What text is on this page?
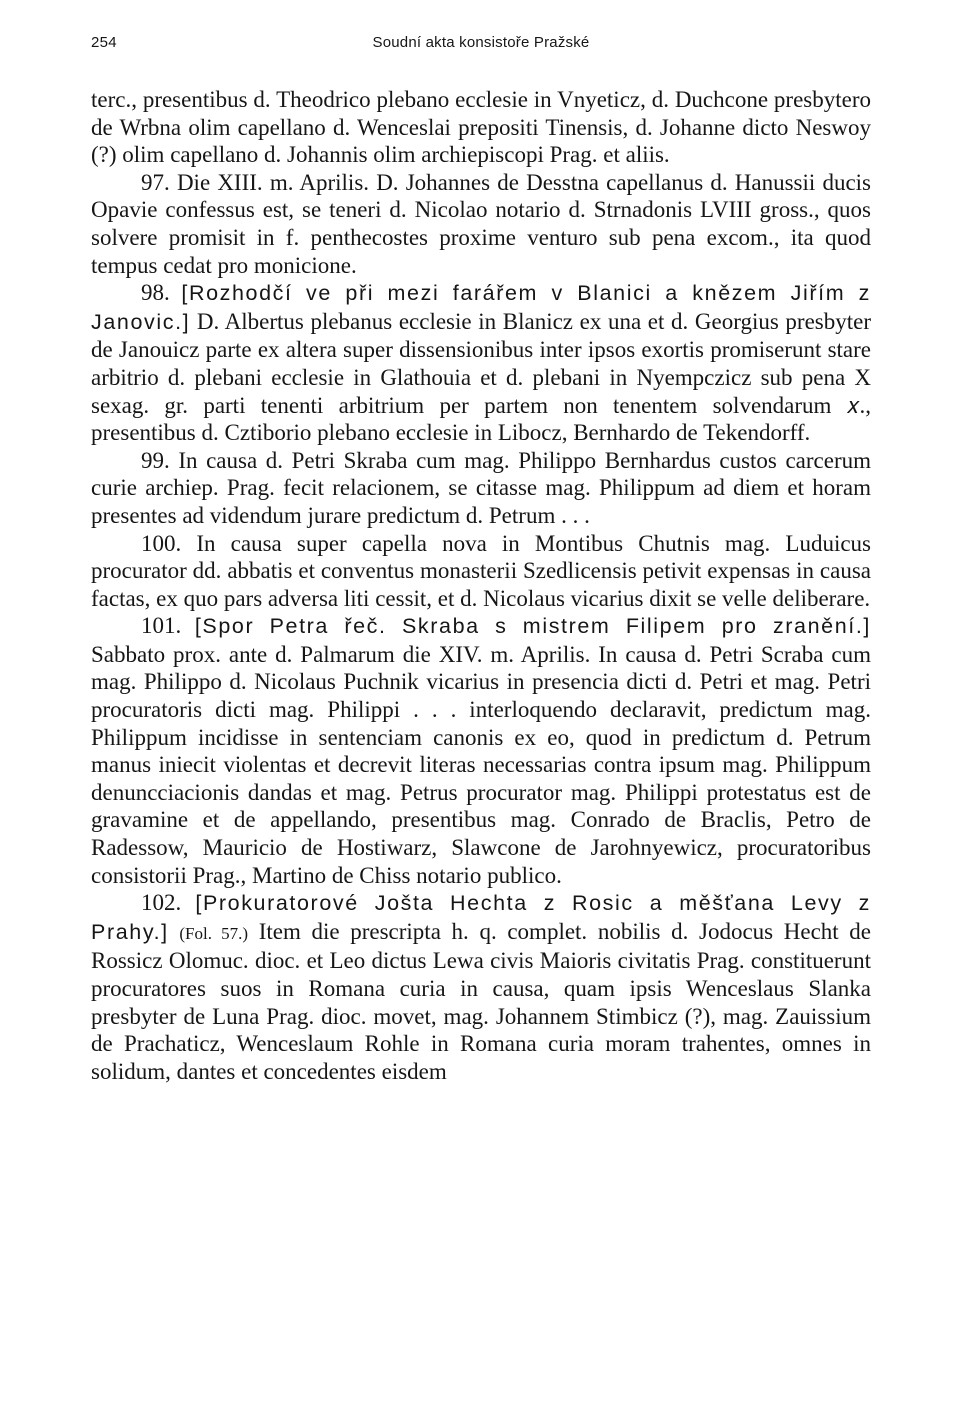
254	Soudní akta konsistoře Pražské

terc., presentibus d. Theodrico plebano ecclesie in Vnyeticz, d. Duchcone presbytero de Wrbna olim capellano d. Wenceslai prepositi Tinensis, d. Johanne dicto Neswoy (?) olim capellano d. Johannis olim archiepiscopi Prag. et aliis.

97. Die XIII. m. Aprilis. D. Johannes de Desstna capellanus d. Hanussii ducis Opavie confessus est, se teneri d. Nicolao notario d. Strnadonis LVIII gross., quos solvere promisit in f. penthecostes proxime venturo sub pena excom., ita quod tempus cedat pro monicione.

98. [Rozhodčí ve při mezi farářem v Blanici a knězem Jiřím z Janovic.] D. Albertus plebanus ecclesie in Blanicz ex una et d. Georgius presbyter de Janouicz parte ex altera super dissensionibus inter ipsos exortis promiserunt stare arbitrio d. plebani ecclesie in Glathouia et d. plebani in Nyempczicz sub pena X sexag. gr. parti tenenti arbitrium per partem non tenentem solvendarum 𝑥., presentibus d. Cztiborio plebano ecclesie in Libocz, Bernhardo de Tekendorff.

99. In causa d. Petri Skraba cum mag. Philippo Bernhardus custos carcerum curie archiep. Prag. fecit relacionem, se citasse mag. Philippum ad diem et horam presentes ad videndum jurare predictum d. Petrum . . .

100. In causa super capella nova in Montibus Chutnis mag. Luduicus procurator dd. abbatis et conventus monasterii Szedlicensis petivit expensas in causa factas, ex quo pars adversa liti cessit, et d. Nicolaus vicarius dixit se velle deliberare.

101. [Spor Petra řeč. Skraba s mistrem Filipem pro zranění.] Sabbato prox. ante d. Palmarum die XIV. m. Aprilis. In causa d. Petri Scraba cum mag. Philippo d. Nicolaus Puchnik vicarius in presencia dicti d. Petri et mag. Petri procuratoris dicti mag. Philippi . . . interloquendo declaravit, predictum mag. Philippum incidisse in sentenciam canonis ex eo, quod in predictum d. Petrum manus iniecit violentas et decrevit literas necessarias contra ipsum mag. Philippum denuncciacionis dandas et mag. Petrus procurator mag. Philippi protestatus est de gravamine et de appellando, presentibus mag. Conrado de Braclis, Petro de Radessow, Mauricio de Hostiwarz, Slawcone de Jarohnyewicz, procuratoribus consistorii Prag., Martino de Chiss notario publico.

102. [Prokuratorové Jošta Hechta z Rosic a měšťana Levy z Prahy.] (Fol. 57.) Item die prescripta h. q. complet. nobilis d. Jodocus Hecht de Rossicz Olomuc. dioc. et Leo dictus Lewa civis Maioris civitatis Prag. constituerunt procuratores suos in Romana curia in causa, quam ipsis Wenceslaus Slanka presbyter de Luna Prag. dioc. movet, mag. Johannem Stimbicz (?), mag. Zauissium de Prachaticz, Wenceslaum Rohle in Romana curia moram trahentes, omnes in solidum, dantes et concedentes eisdem
